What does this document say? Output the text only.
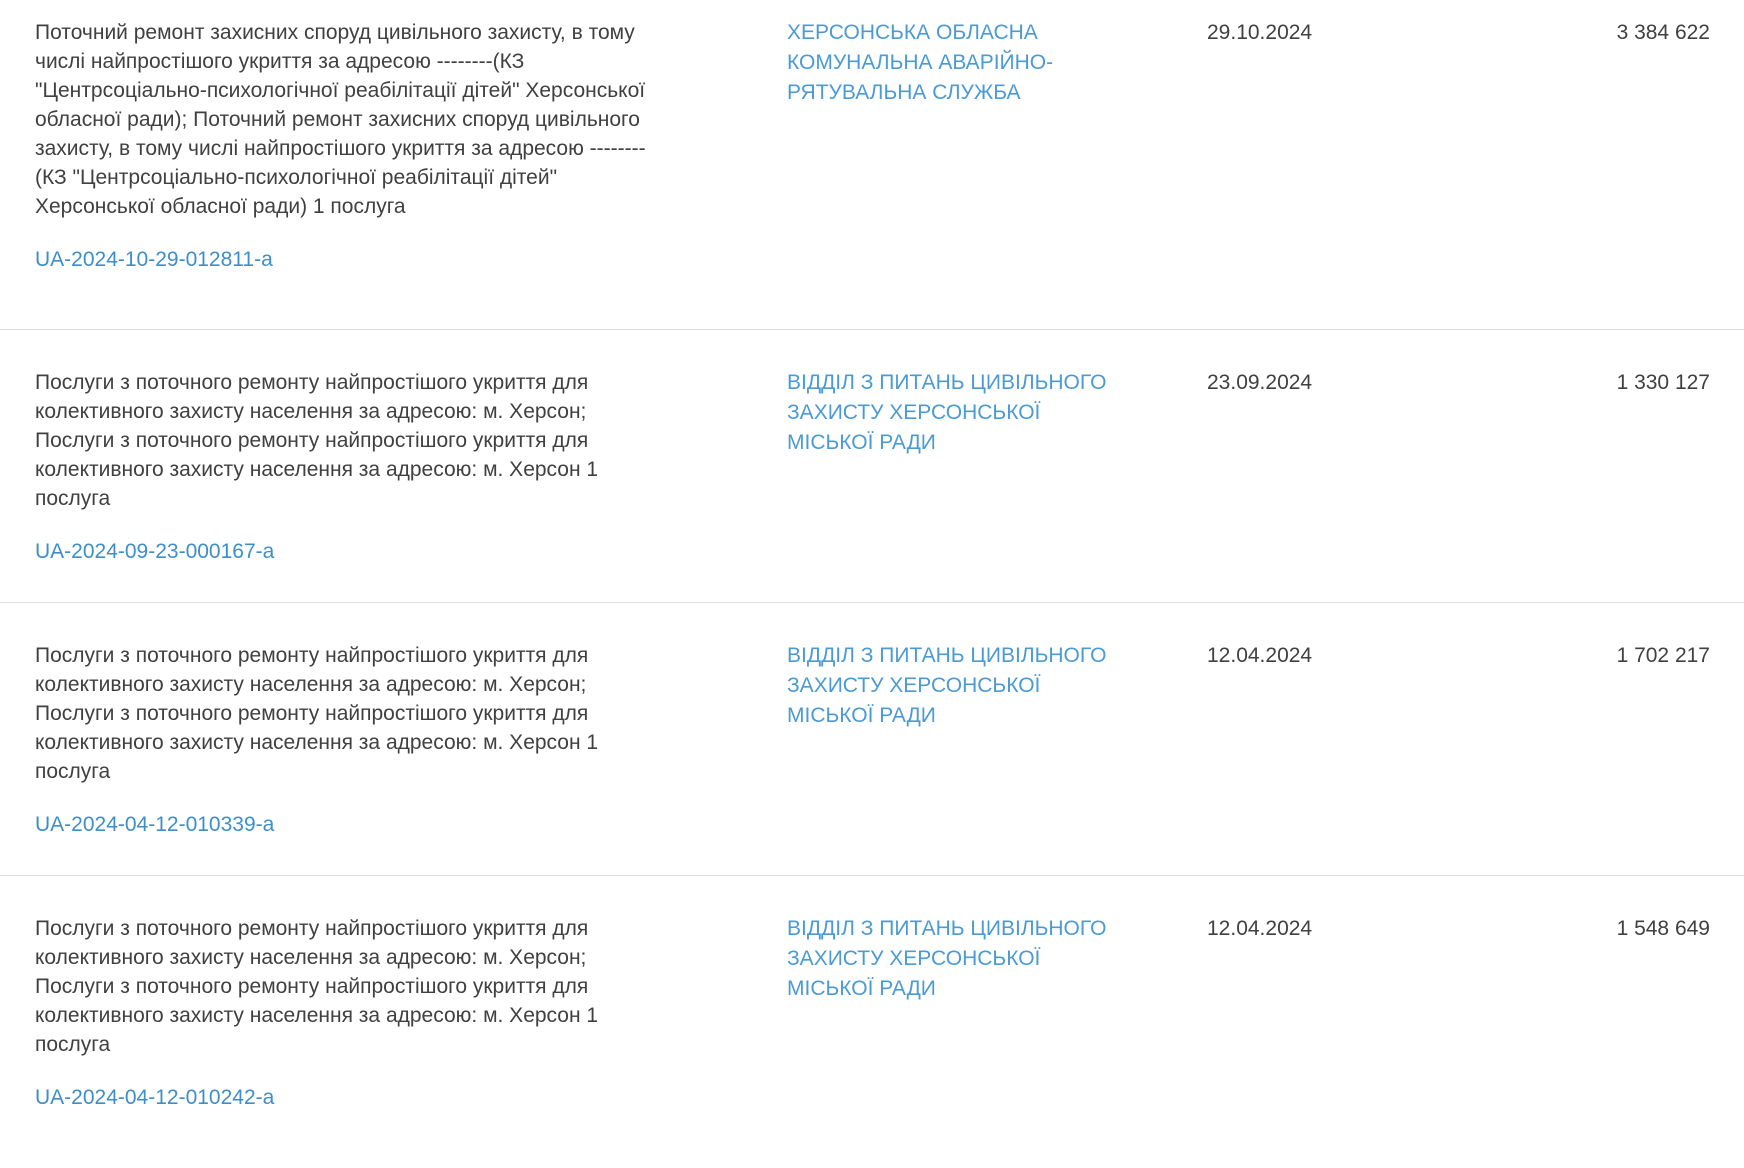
Поточний ремонт захисних споруд цивільного захисту, в тому числі найпростішого укриття за адресою --------(КЗ "Центрсоціально-психологічної реабілітації дітей" Херсонської обласної ради); Поточний ремонт захисних споруд цивільного захисту, в тому числі найпростішого укриття за адресою --------(КЗ "Центрсоціально-психологічної реабілітації дітей" Херсонської обласної ради) 1 послуга

UA-2024-10-29-012811-a
ХЕРСОНСЬКА ОБЛАСНА КОМУНАЛЬНА АВАРІЙНО-РЯТУВАЛЬНА СЛУЖБА
29.10.2024	3 384 622

Послуги з поточного ремонту найпростішого укриття для колективного захисту населення за адресою: м. Херсон; Послуги з поточного ремонту найпростішого укриття для колективного захисту населення за адресою: м. Херсон 1 послуга

UA-2024-09-23-000167-a
ВІДДІЛ З ПИТАНЬ ЦИВІЛЬНОГО ЗАХИСТУ ХЕРСОНСЬКОЇ МІСЬКОЇ РАДИ
23.09.2024	1 330 127

Послуги з поточного ремонту найпростішого укриття для колективного захисту населення за адресою: м. Херсон; Послуги з поточного ремонту найпростішого укриття для колективного захисту населення за адресою: м. Херсон 1 послуга

UA-2024-04-12-010339-a
ВІДДІЛ З ПИТАНЬ ЦИВІЛЬНОГО ЗАХИСТУ ХЕРСОНСЬКОЇ МІСЬКОЇ РАДИ
12.04.2024	1 702 217

Послуги з поточного ремонту найпростішого укриття для колективного захисту населення за адресою: м. Херсон; Послуги з поточного ремонту найпростішого укриття для колективного захисту населення за адресою: м. Херсон 1 послуга

UA-2024-04-12-010242-a
ВІДДІЛ З ПИТАНЬ ЦИВІЛЬНОГО ЗАХИСТУ ХЕРСОНСЬКОЇ МІСЬКОЇ РАДИ
12.04.2024	1 548 649
